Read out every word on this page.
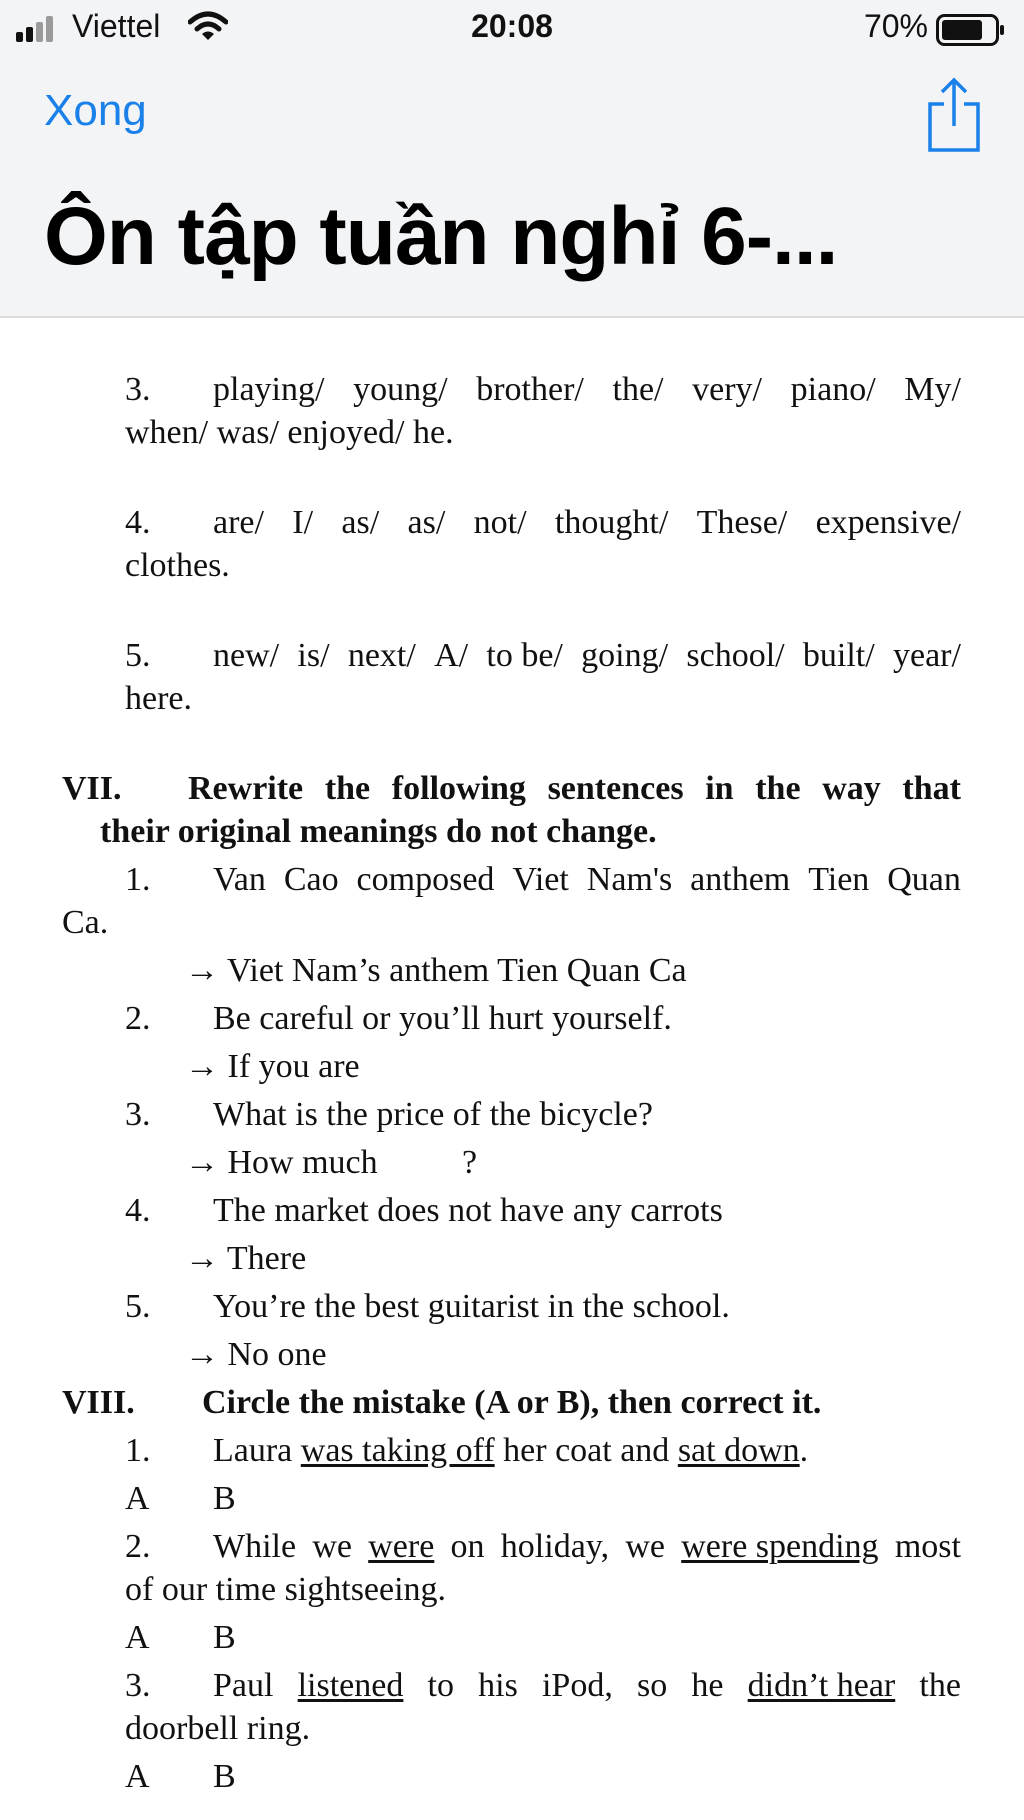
Viettel	20:08	70%
Xong
Ôn tập tuần nghỉ 6-...
3. playing/ young/ brother/ the/ very/ piano/ My/
when/ was/ enjoyed/ he.
4. are/ I/ as/ as/ not/ thought/ These/ expensive/
clothes.
5. new/ is/ next/ A/ to be/ going/ school/ built/ year/
here.
VII. Rewrite the following sentences in the way that
their original meanings do not change.
1. Van Cao composed Viet Nam's anthem Tien Quan
Ca.
→ Viet Nam’s anthem Tien Quan Ca
2. Be careful or you’ll hurt yourself.
→ If you are
3. What is the price of the bicycle?
→ How much ?
4. The market does not have any carrots
→ There
5. You’re the best guitarist in the school.
→ No one
VIII. Circle the mistake (A or B), then correct it.
1. Laura was taking off her coat and sat down.
A B
2. While we were on holiday, we were spending most
of our time sightseeing.
A B
3. Paul listened to his iPod, so he didn’t hear the
doorbell ring.
A B
